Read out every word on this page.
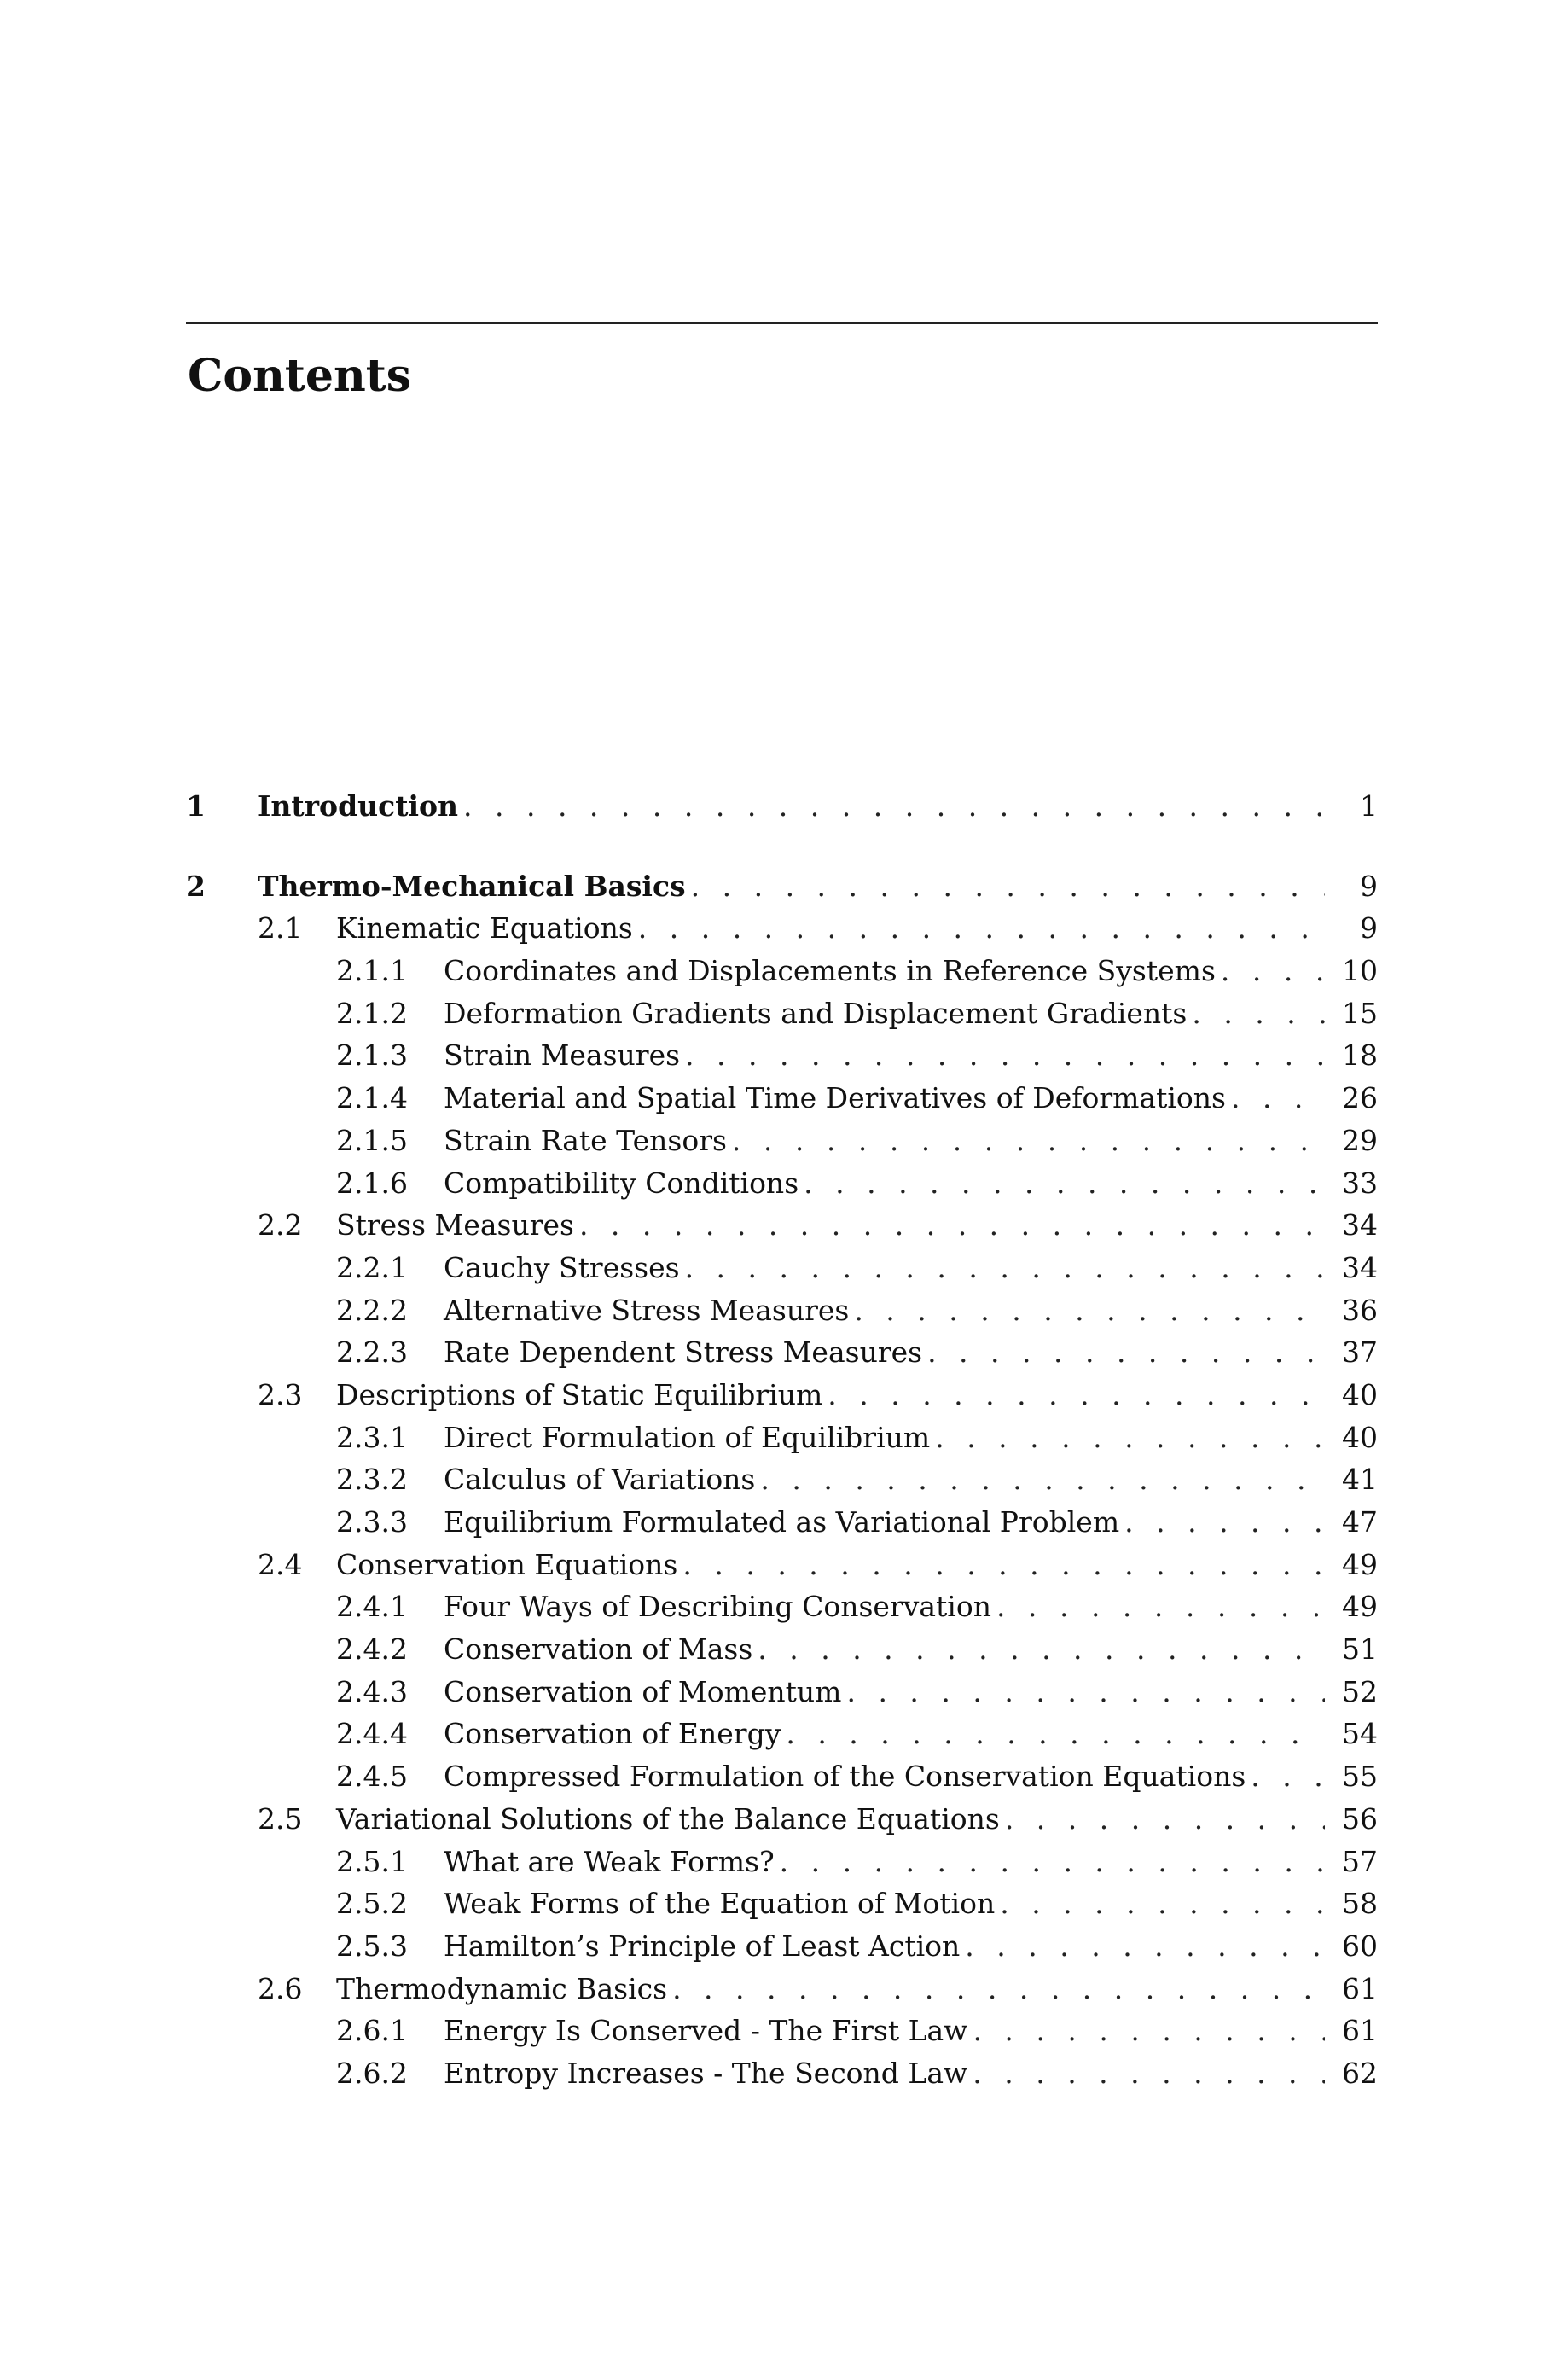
Contents
1 Introduction . . .	1
2 Thermo-Mechanical Basics . . .	9
2.1 Kinematic Equations . . .	9
2.1.1 Coordinates and Displacements in Reference Systems . . .	10
2.1.2 Deformation Gradients and Displacement Gradients . . .	15
2.1.3 Strain Measures . . .	18
2.1.4 Material and Spatial Time Derivatives of Deformations . . .	26
2.1.5 Strain Rate Tensors . . .	29
2.1.6 Compatibility Conditions . . .	33
2.2 Stress Measures . . .	34
2.2.1 Cauchy Stresses . . .	34
2.2.2 Alternative Stress Measures . . .	36
2.2.3 Rate Dependent Stress Measures . . .	37
2.3 Descriptions of Static Equilibrium . . .	40
2.3.1 Direct Formulation of Equilibrium . . .	40
2.3.2 Calculus of Variations . . .	41
2.3.3 Equilibrium Formulated as Variational Problem . . .	47
2.4 Conservation Equations . . .	49
2.4.1 Four Ways of Describing Conservation . . .	49
2.4.2 Conservation of Mass . . .	51
2.4.3 Conservation of Momentum . . .	52
2.4.4 Conservation of Energy . . .	54
2.4.5 Compressed Formulation of the Conservation Equations . . .	55
2.5 Variational Solutions of the Balance Equations . . .	56
2.5.1 What are Weak Forms? . . .	57
2.5.2 Weak Forms of the Equation of Motion . . .	58
2.5.3 Hamilton’s Principle of Least Action . . .	60
2.6 Thermodynamic Basics . . .	61
2.6.1 Energy Is Conserved - The First Law . . .	61
2.6.2 Entropy Increases - The Second Law . . .	62
